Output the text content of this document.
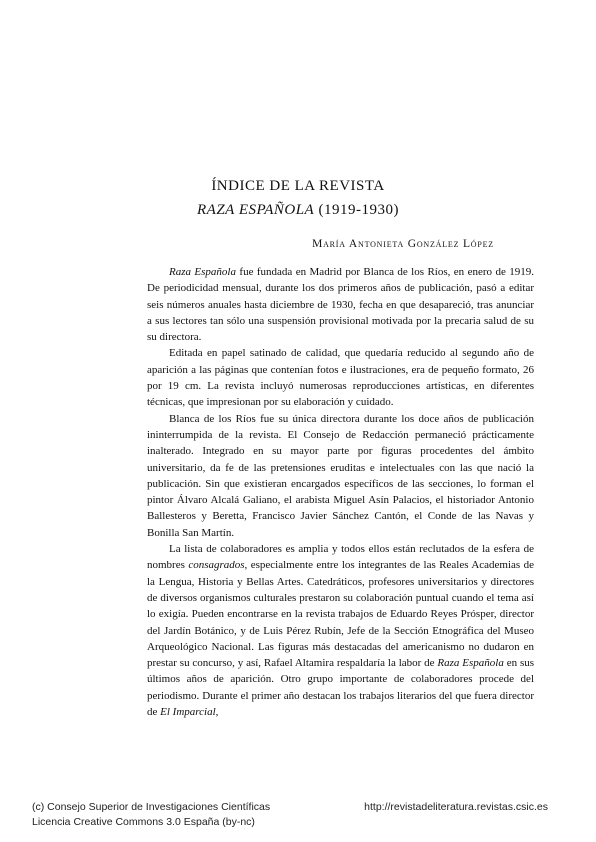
ÍNDICE DE LA REVISTA
RAZA ESPAÑOLA (1919-1930)
María Antonieta González López

Raza Española fue fundada en Madrid por Blanca de los Ríos, en enero de 1919. De periodicidad mensual, durante los dos primeros años de publicación, pasó a editar seis números anuales hasta diciembre de 1930, fecha en que desapareció, tras anunciar a sus lectores tan sólo una suspensión provisional motivada por la precaria salud de su su directora.

Editada en papel satinado de calidad, que quedaría reducido al segundo año de aparición a las páginas que contenían fotos e ilustraciones, era de pequeño formato, 26 por 19 cm. La revista incluyó numerosas reproducciones artísticas, en diferentes técnicas, que impresionan por su elaboración y cuidado.

Blanca de los Ríos fue su única directora durante los doce años de publicación ininterrumpida de la revista. El Consejo de Redacción permaneció prácticamente inalterado. Integrado en su mayor parte por figuras procedentes del ámbito universitario, da fe de las pretensiones eruditas e intelectuales con las que nació la publicación. Sin que existieran encargados específicos de las secciones, lo forman el pintor Álvaro Alcalá Galiano, el arabista Miguel Asín Palacios, el historiador Antonio Ballesteros y Beretta, Francisco Javier Sánchez Cantón, el Conde de las Navas y Bonilla San Martín.

La lista de colaboradores es amplia y todos ellos están reclutados de la esfera de nombres consagrados, especialmente entre los integrantes de las Reales Academias de la Lengua, Historia y Bellas Artes. Catedráticos, profesores universitarios y directores de diversos organismos culturales prestaron su colaboración puntual cuando el tema así lo exigía. Pueden encontrarse en la revista trabajos de Eduardo Reyes Prósper, director del Jardín Botánico, y de Luis Pérez Rubín, Jefe de la Sección Etnográfica del Museo Arqueológico Nacional. Las figuras más destacadas del americanismo no dudaron en prestar su concurso, y así, Rafael Altamira respaldaría la labor de Raza Española en sus últimos años de aparición. Otro grupo importante de colaboradores procede del periodismo. Durante el primer año destacan los trabajos literarios del que fuera director de El Imparcial,

(c) Consejo Superior de Investigaciones Científicas
Licencia Creative Commons 3.0 España (by-nc)
http://revistadeliteratura.revistas.csic.es
